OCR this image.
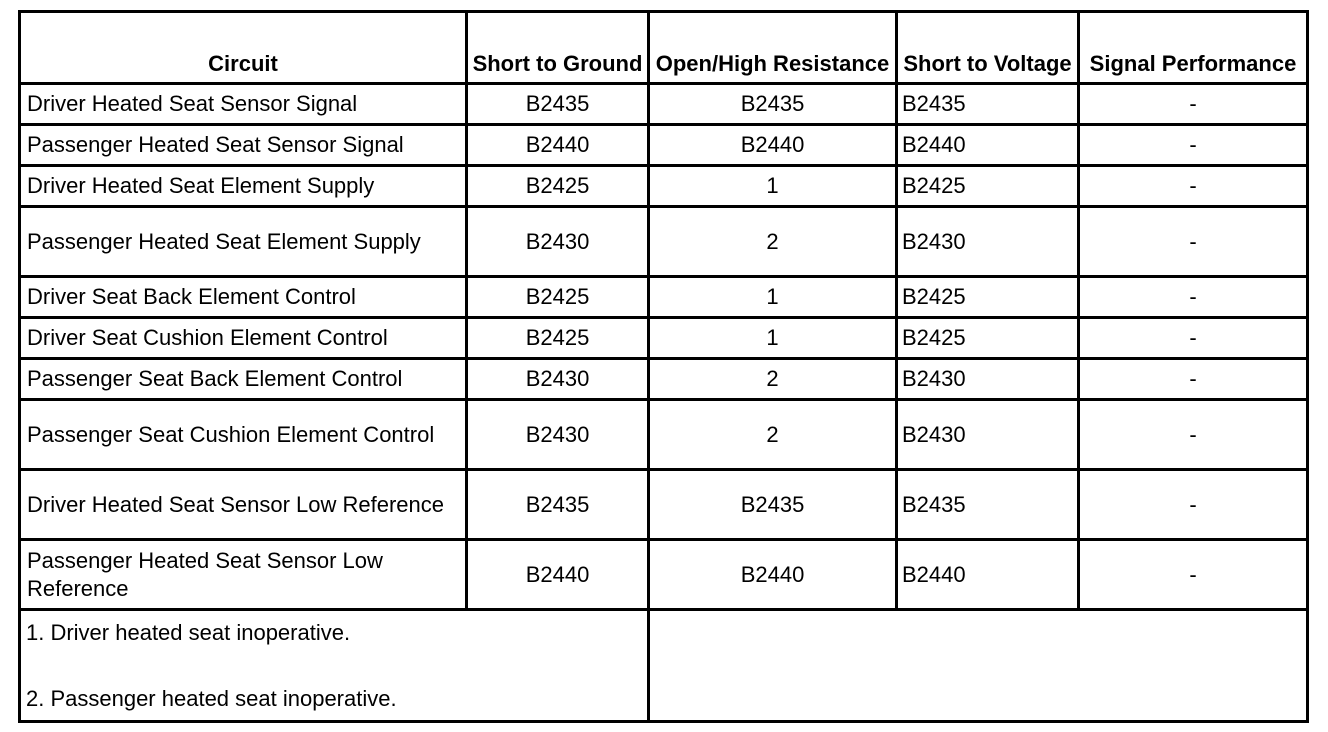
Circuit	Short to Ground	Open/High Resistance	Short to Voltage	Signal Performance
Driver Heated Seat Sensor Signal	B2435	B2435	B2435	-
Passenger Heated Seat Sensor Signal	B2440	B2440	B2440	-
Driver Heated Seat Element Supply	B2425	1	B2425	-
Passenger Heated Seat Element Supply	B2430	2	B2430	-
Driver Seat Back Element Control	B2425	1	B2425	-
Driver Seat Cushion Element Control	B2425	1	B2425	-
Passenger Seat Back Element Control	B2430	2	B2430	-
Passenger Seat Cushion Element Control	B2430	2	B2430	-
Driver Heated Seat Sensor Low Reference	B2435	B2435	B2435	-
Passenger Heated Seat Sensor Low Reference	B2440	B2440	B2440	-

1. Driver heated seat inoperative.
2. Passenger heated seat inoperative.				
